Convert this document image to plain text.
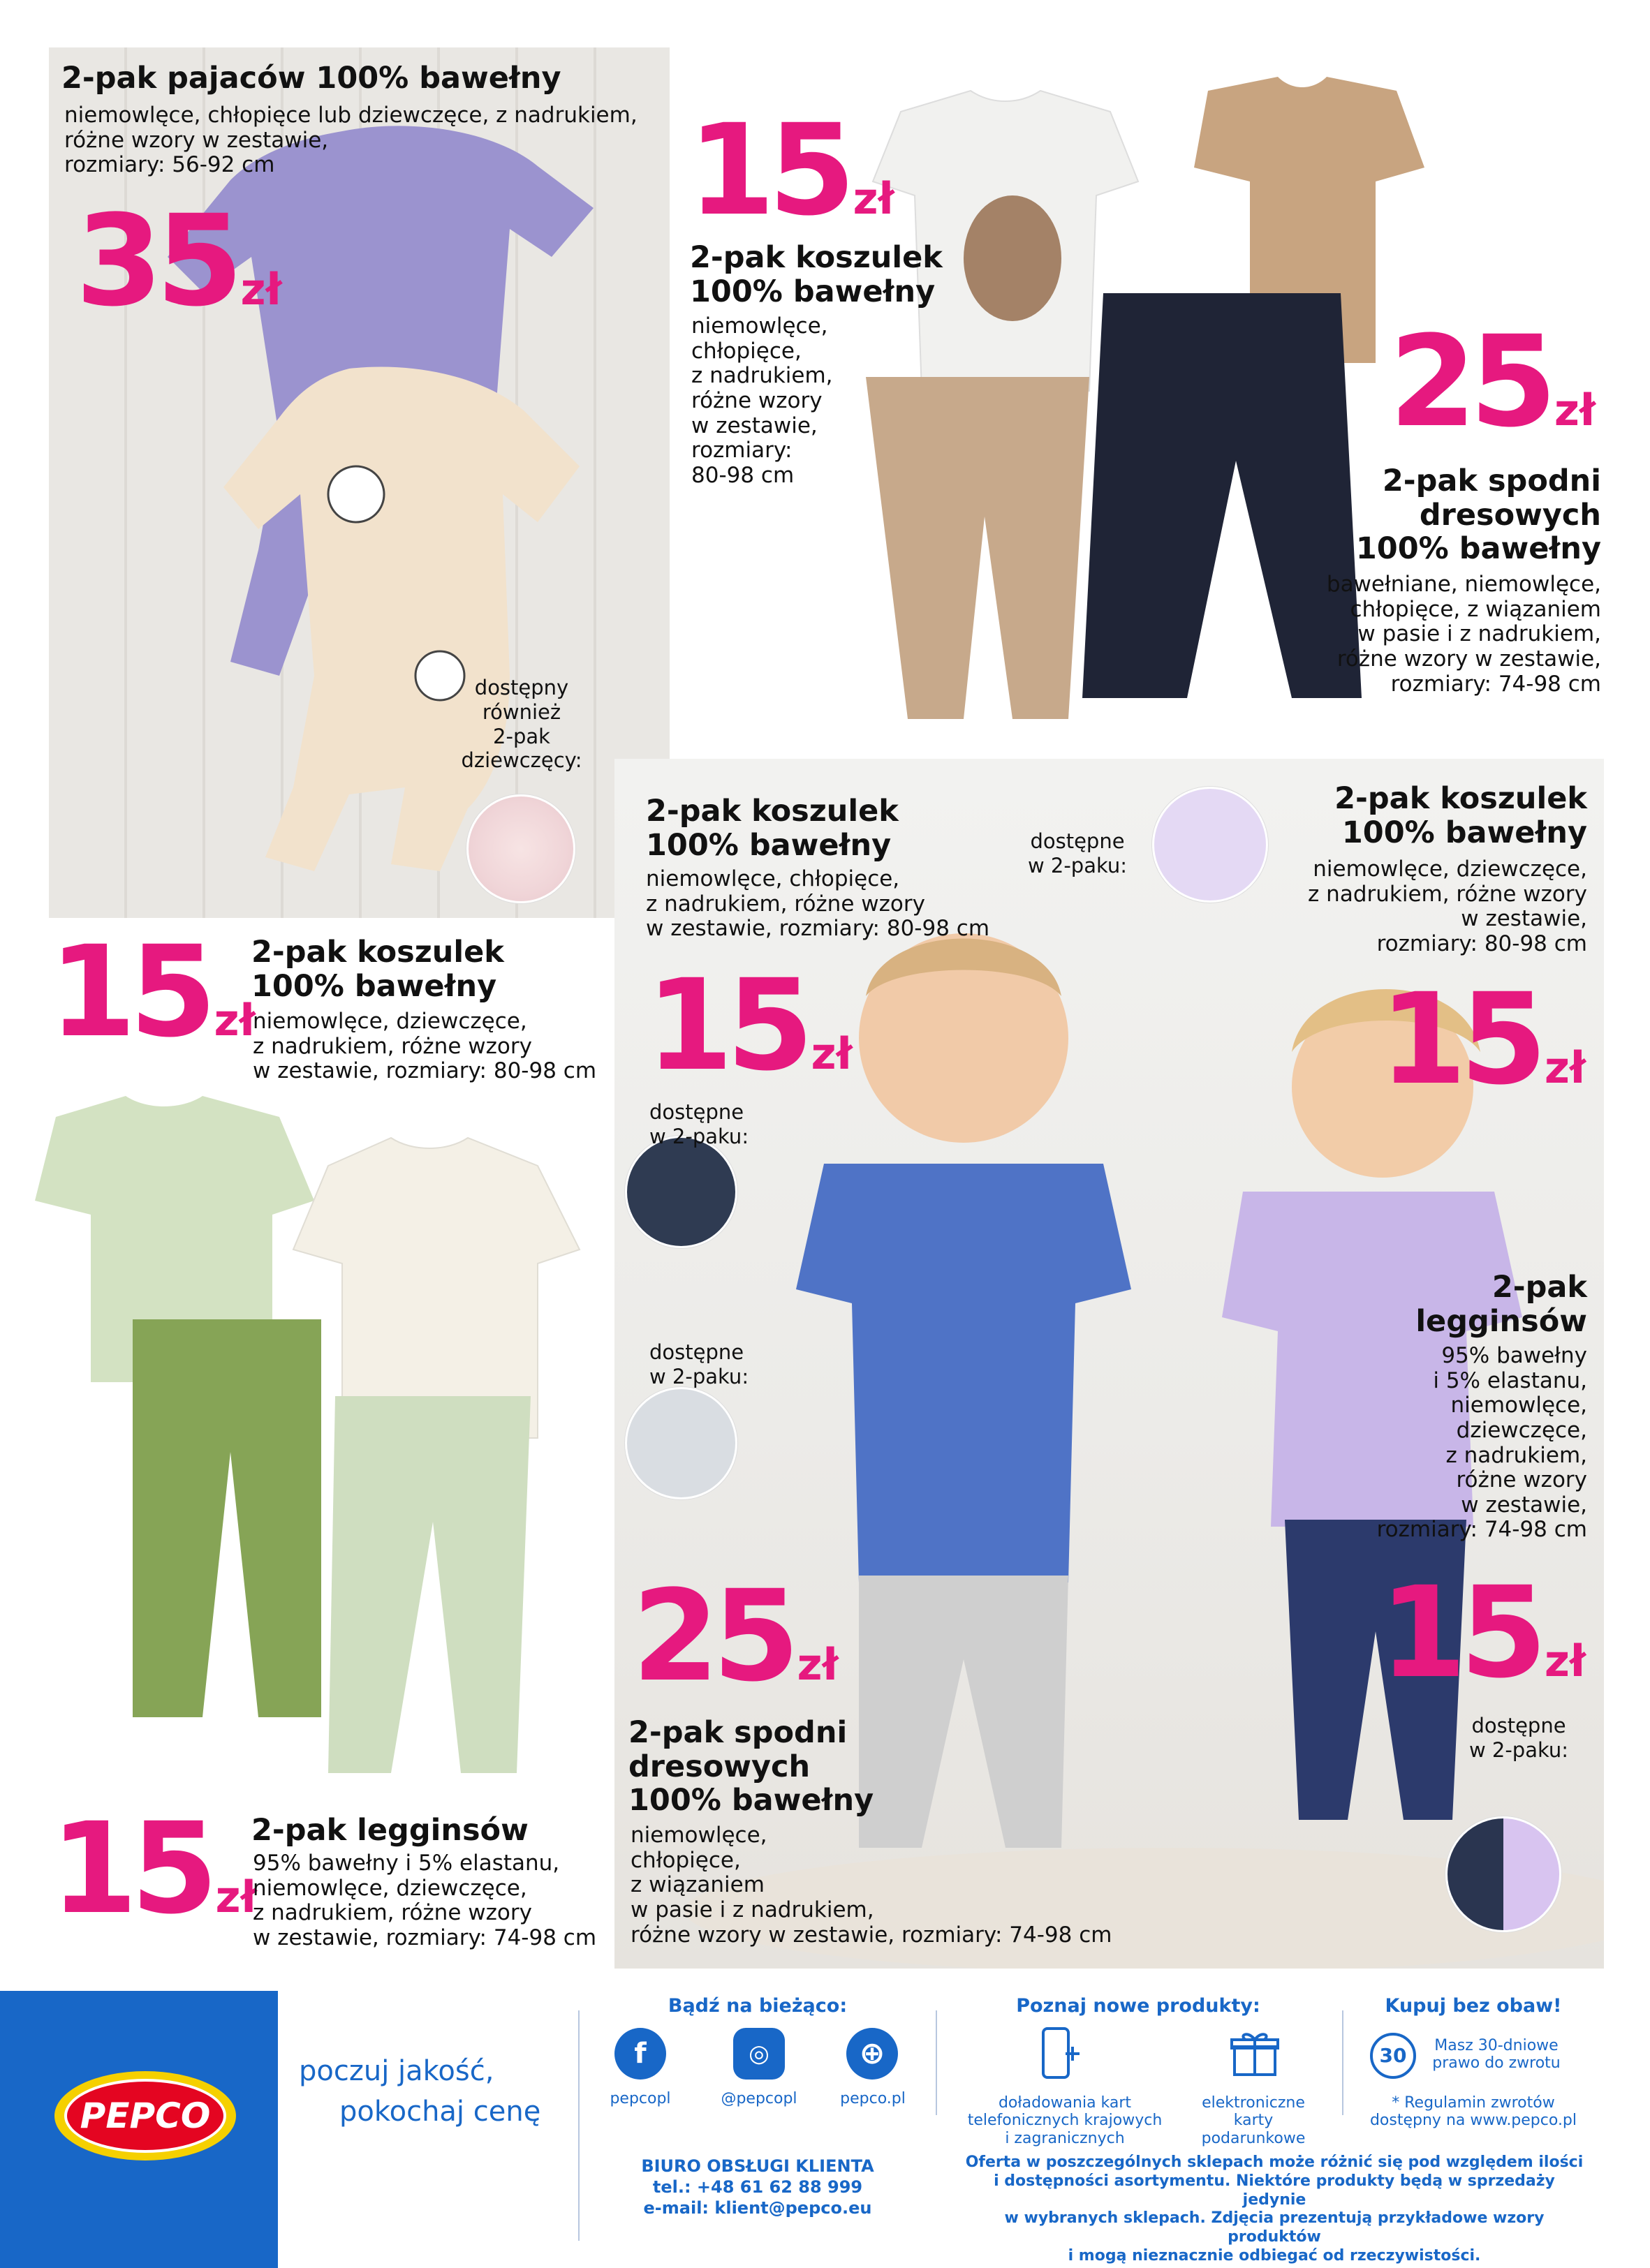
2-pak pajaców 100% bawełny
niemowlęce, chłopięce lub dziewczęce, z nadrukiem,
różne wzory w zestawie,
rozmiary: 56-92 cm
35zł
dostępny
również
2-pak
dziewczęcy:
15zł
2-pak koszulek
100% bawełny
niemowlęce,
chłopięce,
z nadrukiem,
różne wzory
w zestawie,
rozmiary:
80-98 cm
25zł
2-pak spodni
dresowych
100% bawełny
bawełniane, niemowlęce,
chłopięce, z wiązaniem
w pasie i z nadrukiem,
różne wzory w zestawie,
rozmiary: 74-98 cm
2-pak koszulek
100% bawełny
niemowlęce, chłopięce,
z nadrukiem, różne wzory
w zestawie, rozmiary: 80-98 cm
15zł
dostępne
w 2-paku:
dostępne
w 2-paku:
dostępne
w 2-paku:
2-pak koszulek
100% bawełny
niemowlęce, dziewczęce,
z nadrukiem, różne wzory
w zestawie,
rozmiary: 80-98 cm
15zł
2-pak
legginsów
95% bawełny
i 5% elastanu,
niemowlęce,
dziewczęce,
z nadrukiem,
różne wzory
w zestawie,
rozmiary: 74-98 cm
15zł
dostępne
w 2-paku:
25zł
2-pak spodni
dresowych
100% bawełny
niemowlęce,
chłopięce,
z wiązaniem
w pasie i z nadrukiem,
różne wzory w zestawie, rozmiary: 74-98 cm
15zł
2-pak koszulek
100% bawełny
niemowlęce, dziewczęce,
z nadrukiem, różne wzory
w zestawie, rozmiary: 80-98 cm
15zł
2-pak legginsów
95% bawełny i 5% elastanu,
niemowlęce, dziewczęce,
z nadrukiem, różne wzory
w zestawie, rozmiary: 74-98 cm
PEPCO
poczuj jakość,
pokochaj cenę
Bądź na bieżąco:
f	◎	⊕
pepcopl	@pepcopl	pepco.pl
BIURO OBSŁUGI KLIENTA
tel.: +48 61 62 88 999
e-mail: klient@pepco.eu
Poznaj nowe produkty:
doładowania kart
telefonicznych krajowych
i zagranicznych
elektroniczne
karty
podarunkowe
Kupuj bez obaw!
30	Masz 30-dniowe
prawo do zwrotu
* Regulamin zwrotów
dostępny na www.pepco.pl
Oferta w poszczególnych sklepach może różnić się pod względem ilości
i dostępności asortymentu. Niektóre produkty będą w sprzedaży jedynie
w wybranych sklepach. Zdjęcia prezentują przykładowe wzory produktów
i mogą nieznacznie odbiegać od rzeczywistości.
